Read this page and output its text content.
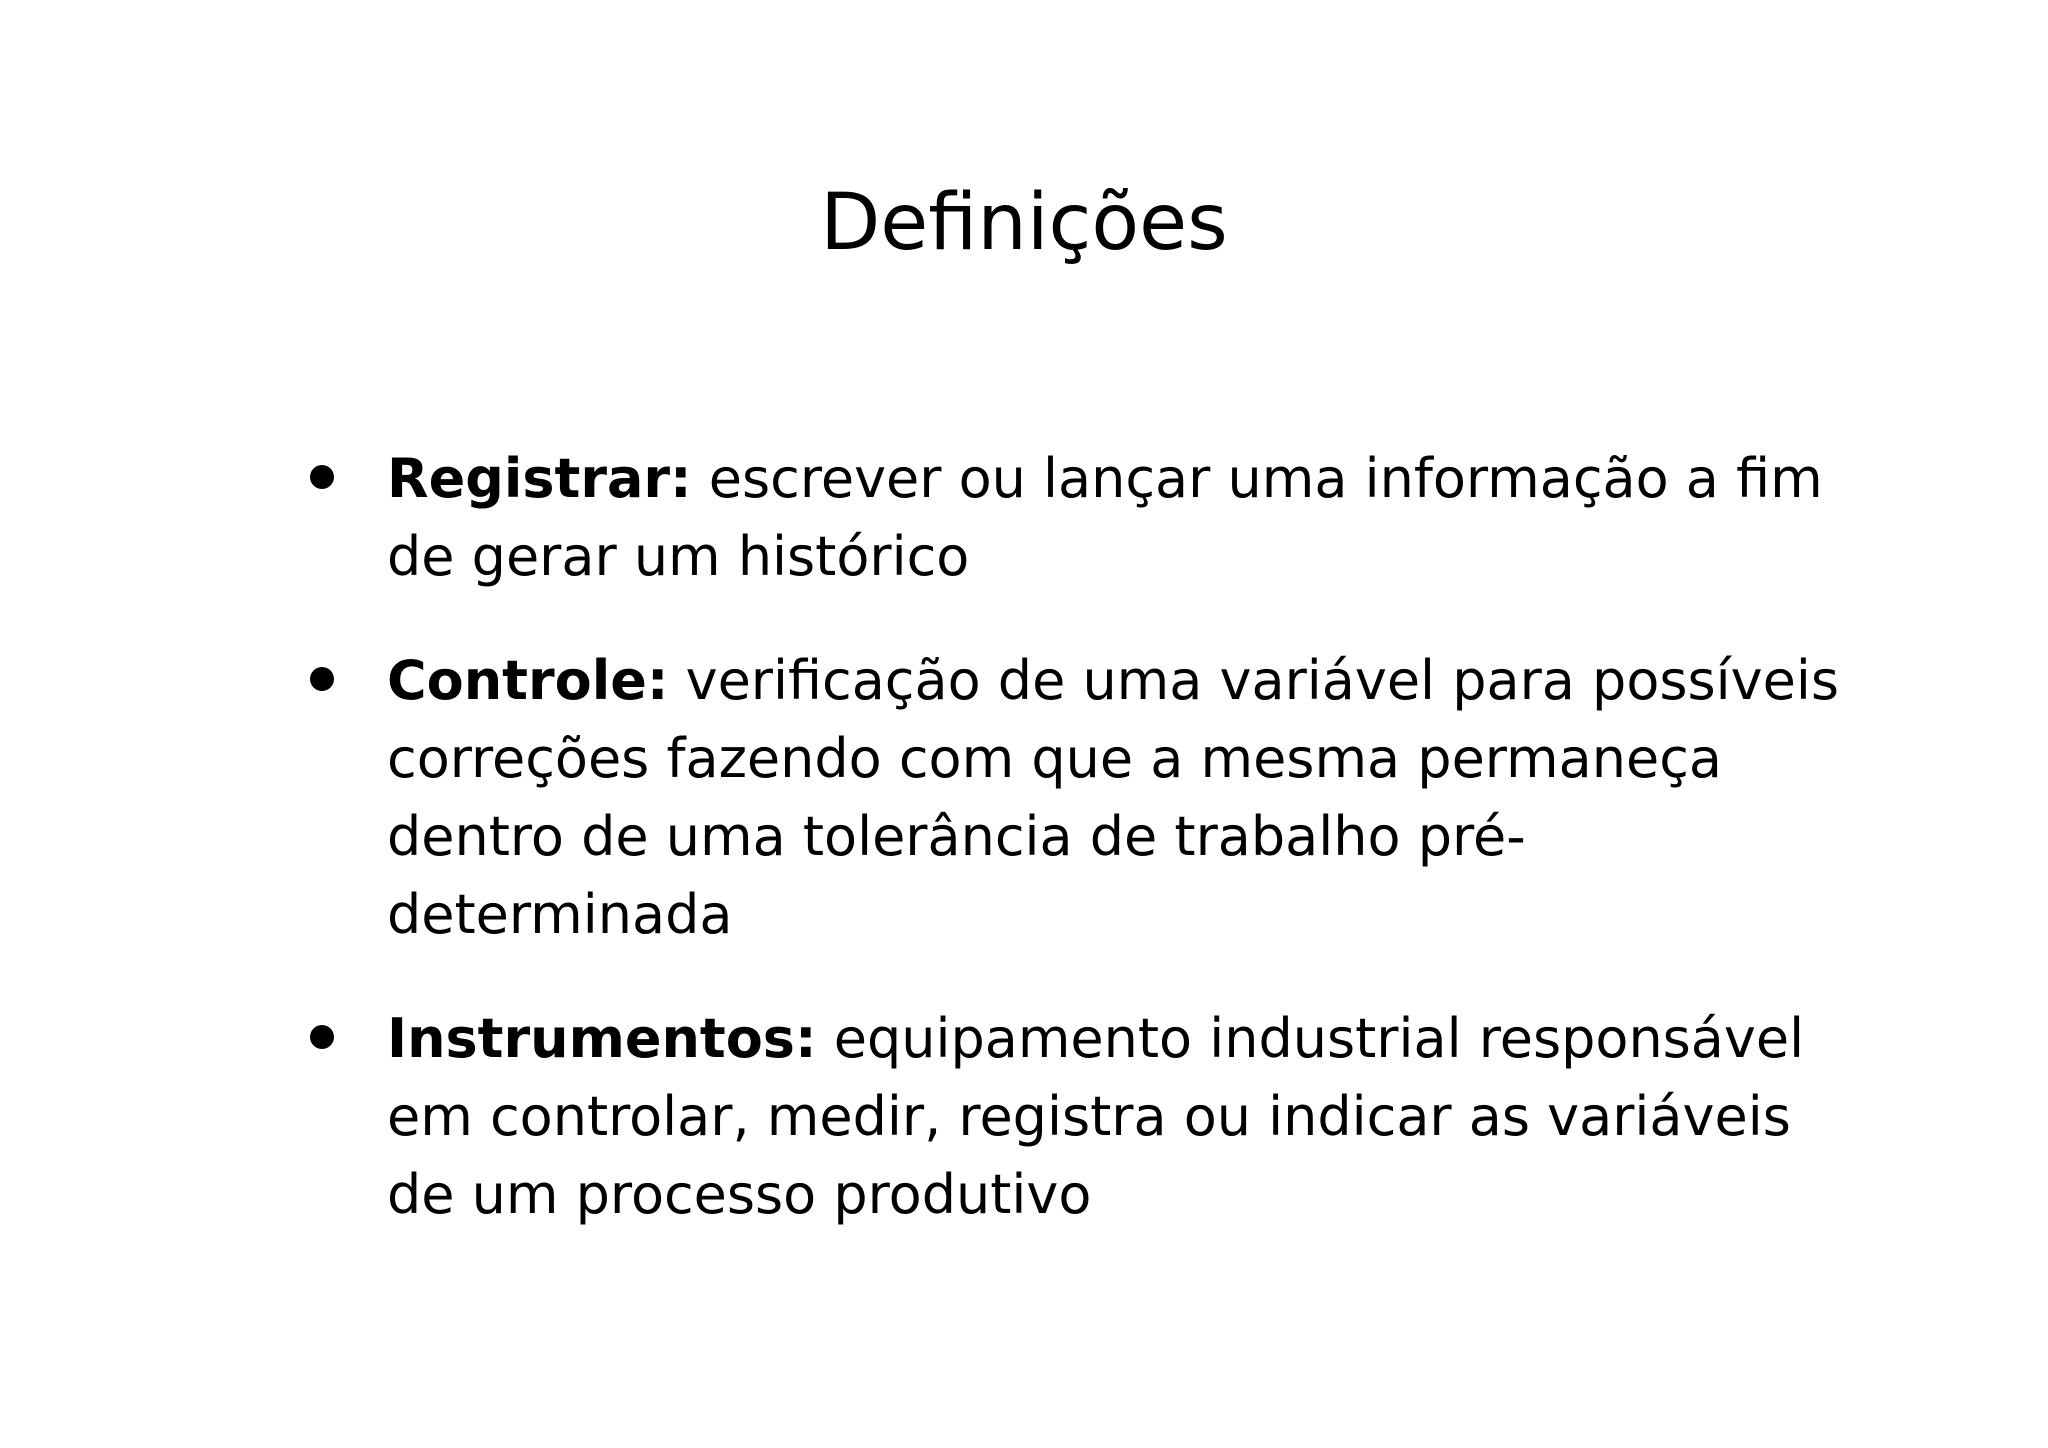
Definições
Registrar: escrever ou lançar uma informação a fim de gerar um histórico
Controle: verificação de uma variável para possíveis correções fazendo com que a mesma permaneça dentro de uma tolerância de trabalho pré-determinada
Instrumentos: equipamento industrial responsável em controlar, medir, registra ou indicar as variáveis de um processo produtivo
